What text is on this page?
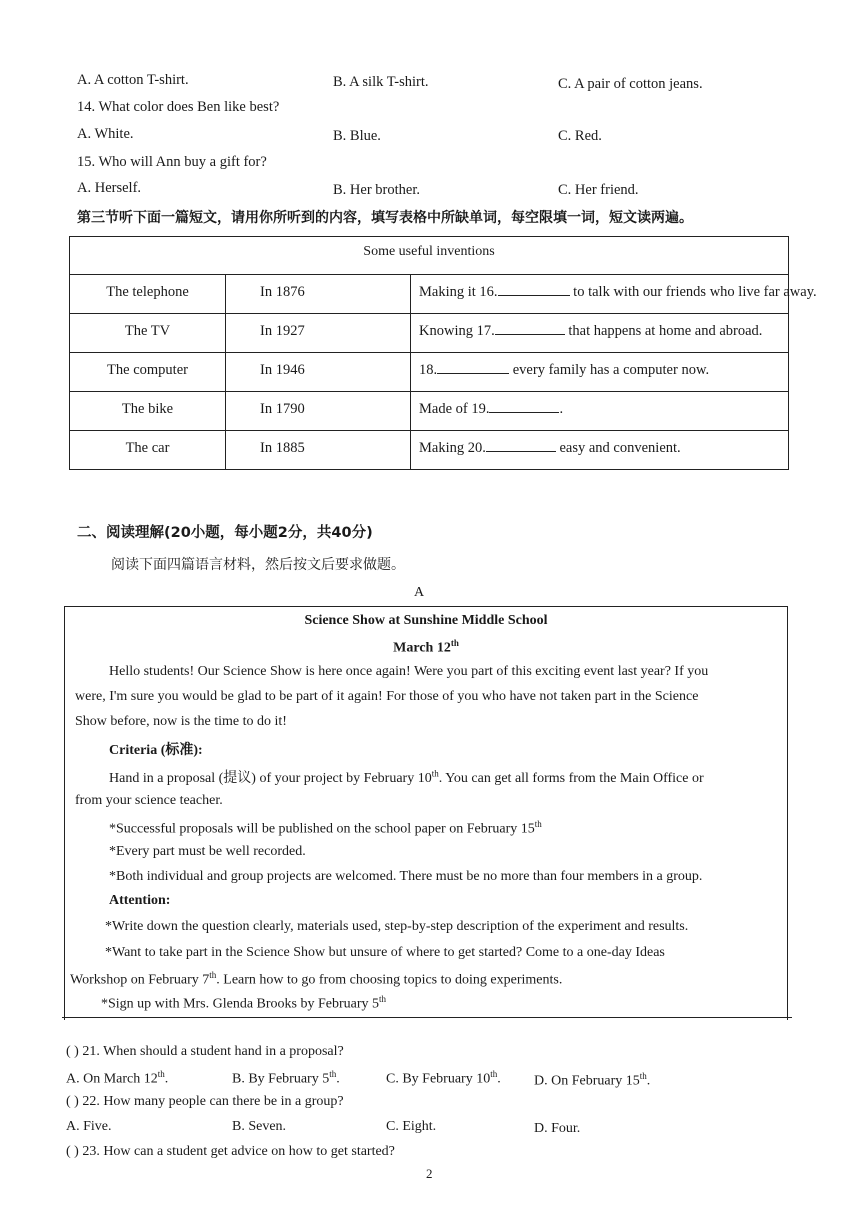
A. A cotton T-shirt.	B. A silk T-shirt.	C. A pair of cotton jeans.
14. What color does Ben like best?
A. White.	B. Blue.	C. Red.
15. Who will Ann buy a gift for?
A. Herself.	B. Her brother.	C. Her friend.
第三节听下面一篇短文，请用你所听到的内容，填写表格中所缺单词，每空限填一词，短文读两遍。
Some useful inventions
The telephone	In 1876	Making it 16.	to talk with our friends who live far away.
The TV	In 1927	Knowing 17.	that happens at home and abroad.
The computer	In 1946	18.	every family has a computer now.
The bike	In 1790	Made of 19.	.
The car	In 1885	Making 20.	easy and convenient.
二、阅读理解(20小题，每小题2分，共40分)
阅读下面四篇语言材料，然后按文后要求做题。
A
Science Show at Sunshine Middle School
March 12th
Hello students! Our Science Show is here once again! Were you part of this exciting event last year? If you
were, I'm sure you would be glad to be part of it again! For those of you who have not taken part in the Science
Show before, now is the time to do it!
Criteria (标准):
Hand in a proposal (提议) of your project by February 10th. You can get all forms from the Main Office or
from your science teacher.
*Successful proposals will be published on the school paper on February 15th
*Every part must be well recorded.
*Both individual and group projects are welcomed. There must be no more than four members in a group.
Attention:
*Write down the question clearly, materials used, step-by-step description of the experiment and results.
*Want to take part in the Science Show but unsure of where to get started? Come to a one-day Ideas
Workshop on February 7th. Learn how to go from choosing topics to doing experiments.
*Sign up with Mrs. Glenda Brooks by February 5th
( ) 21. When should a student hand in a proposal?
A. On March 12th.	B. By February 5th.	C. By February 10th. D. On February 15th.
( ) 22. How many people can there be in a group?
A. Five.	B. Seven.	C. Eight.	D. Four.
( ) 23. How can a student get advice on how to get started?
2
